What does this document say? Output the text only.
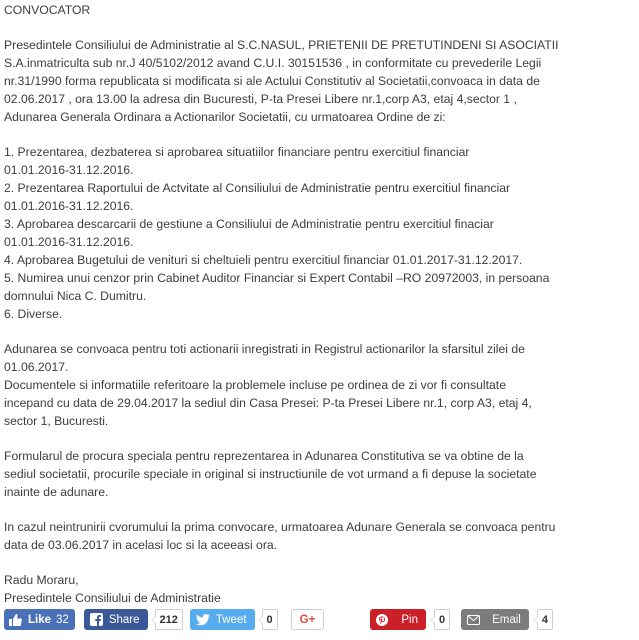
CONVOCATOR

Presedintele Consiliului de Administratie al S.C.NASUL, PRIETENII DE PRETUTINDENI SI ASOCIATII

S.A.inmatriculta sub nr.J 40/5102/2012 avand C.U.I. 30151536 , in conformitate cu prevederile Legii

nr.31/1990 forma republicata si modificata si ale Actului Constitutiv al Societatii,convoaca in data de

02.06.2017 , ora 13.00 la adresa din Bucuresti, P-ta Presei Libere nr.1,corp A3, etaj 4,sector 1 ,

Adunarea Generala Ordinara a Actionarilor Societatii, cu urmatoarea Ordine de zi:

1. Prezentarea, dezbaterea si aprobarea situatiilor financiare pentru exercitiul financiar

01.01.2016-31.12.2016.

2. Prezentarea Raportului de Actvitate al Consiliului de Administratie pentru exercitiul financiar

01.01.2016-31.12.2016.

3. Aprobarea descarcarii de gestiune a Consiliului de Administratie pentru exercitiul finaciar

01.01.2016-31.12.2016.

4. Aprobarea Bugetului de venituri si cheltuieli pentru exercitiul financiar 01.01.2017-31.12.2017.

5. Numirea unui cenzor prin Cabinet Auditor Financiar si Expert Contabil –RO 20972003, in persoana

domnului Nica C. Dumitru.

6. Diverse.

Adunarea se convoaca pentru toti actionarii inregistrati in Registrul actionarilor la sfarsitul zilei de

01.06.2017.

Documentele si informatiile referitoare la problemele incluse pe ordinea de zi vor fi consultate

incepand cu data de 29.04.2017 la sediul din Casa Presei: P-ta Presei Libere nr.1, corp A3, etaj 4,

sector 1, Bucuresti.

Formularul de procura speciala pentru reprezentarea in Adunarea Constitutiva se va obtine de la

sediul societatii, procurile speciale in original si instructiunile de vot urmand a fi depuse la societate

inainte de adunare.

In cazul neintrunirii cvorumului la prima convocare, urmatoarea Adunare Generala se convoaca pentru

data de 03.06.2017 in acelasi loc si la aceeasi ora.

Radu Moraru,

Presedintele Consiliului de Administratie

Like 32	Share	212	Tweet	0	G+	Pin	0	Email	4
